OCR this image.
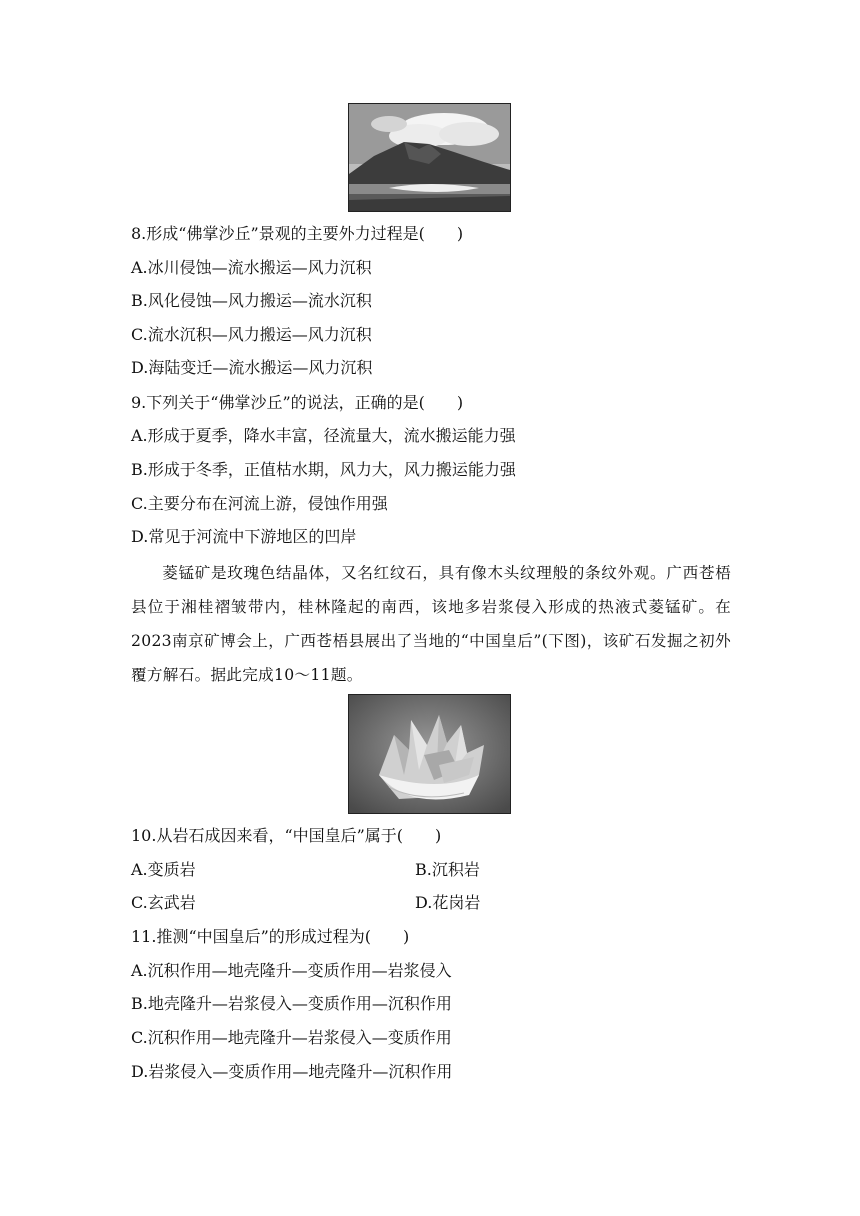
8.形成“佛掌沙丘”景观的主要外力过程是(　　)
A.冰川侵蚀—流水搬运—风力沉积
B.风化侵蚀—风力搬运—流水沉积
C.流水沉积—风力搬运—风力沉积
D.海陆变迁—流水搬运—风力沉积
9.下列关于“佛掌沙丘”的说法，正确的是(　　)
A.形成于夏季，降水丰富，径流量大，流水搬运能力强
B.形成于冬季，正值枯水期，风力大，风力搬运能力强
C.主要分布在河流上游，侵蚀作用强
D.常见于河流中下游地区的凹岸
菱锰矿是玫瑰色结晶体，又名红纹石，具有像木头纹理般的条纹外观。广西苍梧县位于湘桂褶皱带内，桂林隆起的南西，该地多岩浆侵入形成的热液式菱锰矿。在2023南京矿博会上，广西苍梧县展出了当地的“中国皇后”(下图)，该矿石发掘之初外覆方解石。据此完成10～11题。
10.从岩石成因来看，“中国皇后”属于(　　)
A.变质岩	B.沉积岩
C.玄武岩	D.花岗岩
11.推测“中国皇后”的形成过程为(　　)
A.沉积作用—地壳隆升—变质作用—岩浆侵入
B.地壳隆升—岩浆侵入—变质作用—沉积作用
C.沉积作用—地壳隆升—岩浆侵入—变质作用
D.岩浆侵入—变质作用—地壳隆升—沉积作用
